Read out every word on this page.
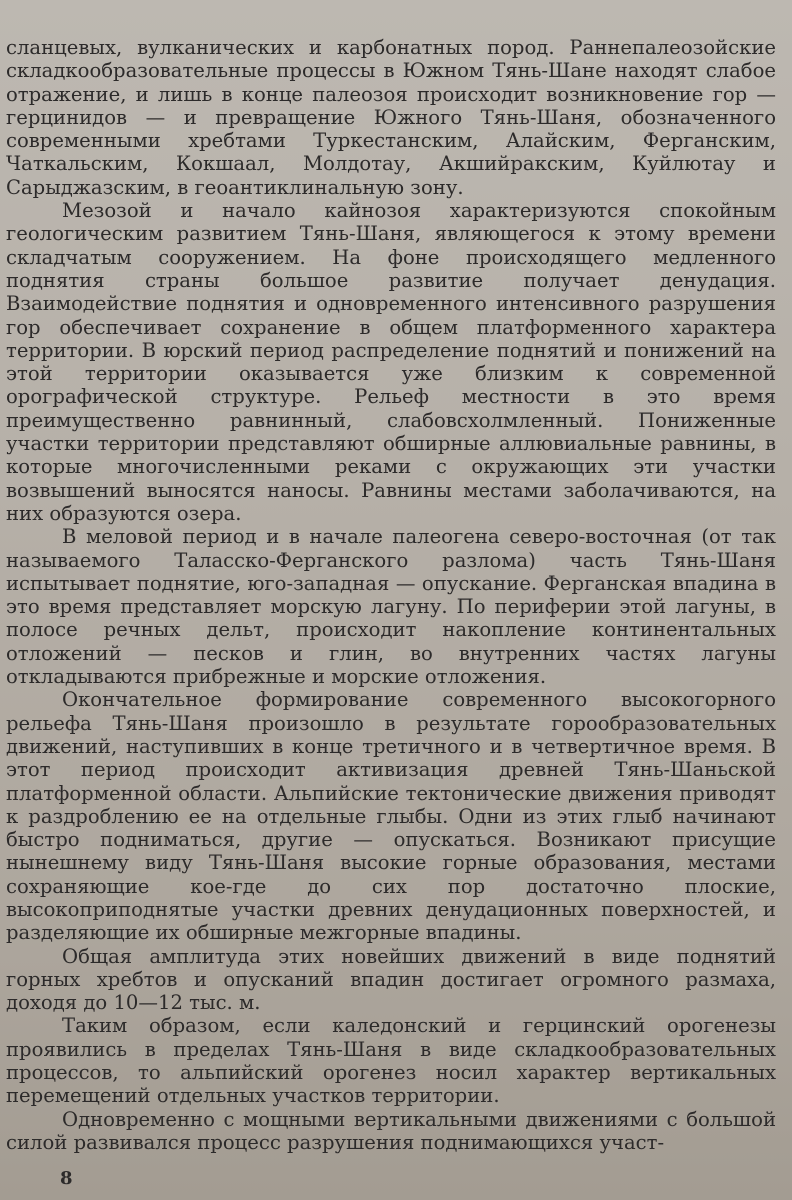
сланцевых, вулканических и карбонатных пород. Раннепалеозойские складкообразовательные процессы в Южном Тянь-Шане находят слабое отражение, и лишь в конце палеозоя происходит возникновение гор — герцинидов — и превращение Южного Тянь-Шаня, обозначенного современными хребтами Туркестанским, Алайским, Ферганским, Чаткальским, Кокшаал, Молдотау, Акшийракским, Куйлютау и Сарыджазским, в геоантиклинальную зону.

Мезозой и начало кайнозоя характеризуются спокойным геологическим развитием Тянь-Шаня, являющегося к этому времени складчатым сооружением. На фоне происходящего медленного поднятия страны большое развитие получает денудация. Взаимодействие поднятия и одновременного интенсивного разрушения гор обеспечивает сохранение в общем платформенного характера территории. В юрский период распределение поднятий и понижений на этой территории оказывается уже близким к современной орографической структуре. Рельеф местности в это время преимущественно равнинный, слабовсхолмленный. Пониженные участки территории представляют обширные аллювиальные равнины, в которые многочисленными реками с окружающих эти участки возвышений выносятся наносы. Равнины местами заболачиваются, на них образуются озера.

В меловой период и в начале палеогена северо-восточная (от так называемого Таласско-Ферганского разлома) часть Тянь-Шаня испытывает поднятие, юго-западная — опускание. Ферганская впадина в это время представляет морскую лагуну. По периферии этой лагуны, в полосе речных дельт, происходит накопление континентальных отложений — песков и глин, во внутренних частях лагуны откладываются прибрежные и морские отложения.

Окончательное формирование современного высокогорного рельефа Тянь-Шаня произошло в результате горообразовательных движений, наступивших в конце третичного и в четвертичное время. В этот период происходит активизация древней Тянь-Шаньской платформенной области. Альпийские тектонические движения приводят к раздроблению ее на отдельные глыбы. Одни из этих глыб начинают быстро подниматься, другие — опускаться. Возникают присущие нынешнему виду Тянь-Шаня высокие горные образования, местами сохраняющие кое-где до сих пор достаточно плоские, высокоприподнятые участки древних денудационных поверхностей, и разделяющие их обширные межгорные впадины.

Общая амплитуда этих новейших движений в виде поднятий горных хребтов и опусканий впадин достигает огромного размаха, доходя до 10—12 тыс. м.

Таким образом, если каледонский и герцинский орогенезы проявились в пределах Тянь-Шаня в виде складкообразовательных процессов, то альпийский орогенез носил характер вертикальных перемещений отдельных участков территории.

Одновременно с мощными вертикальными движениями с большой силой развивался процесс разрушения поднимающихся участ-

8
